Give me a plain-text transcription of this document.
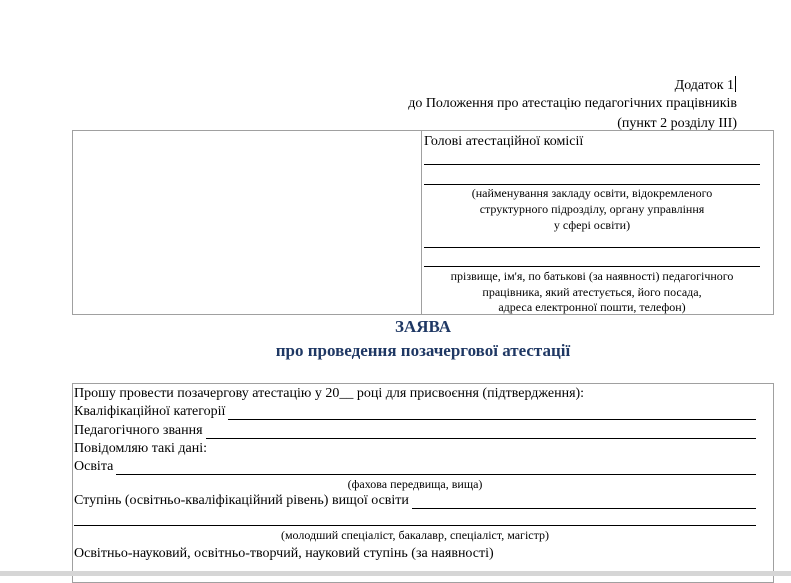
Додаток 1
до Положення про атестацію педагогічних працівників
(пункт 2 розділу ІІІ)
Голові атестаційної комісії
(найменування закладу освіти, відокремленого
структурного підрозділу, органу управління
у сфері освіти)
прізвище, ім'я, по батькові (за наявності) педагогічного
працівника, який атестується, його посада,
адреса електронної пошти, телефон)
ЗАЯВА
про проведення позачергової атестації
Прошу провести позачергову атестацію у 20__ році для присвоєння (підтвердження):
Кваліфікаційної категорії
Педагогічного звання
Повідомляю такі дані:
Освіта
(фахова передвища, вища)
Ступінь (освітньо-кваліфікаційний рівень) вищої освіти
(молодший спеціаліст, бакалавр, спеціаліст, магістр)
Освітньо-науковий, освітньо-творчий, науковий ступінь (за наявності)
